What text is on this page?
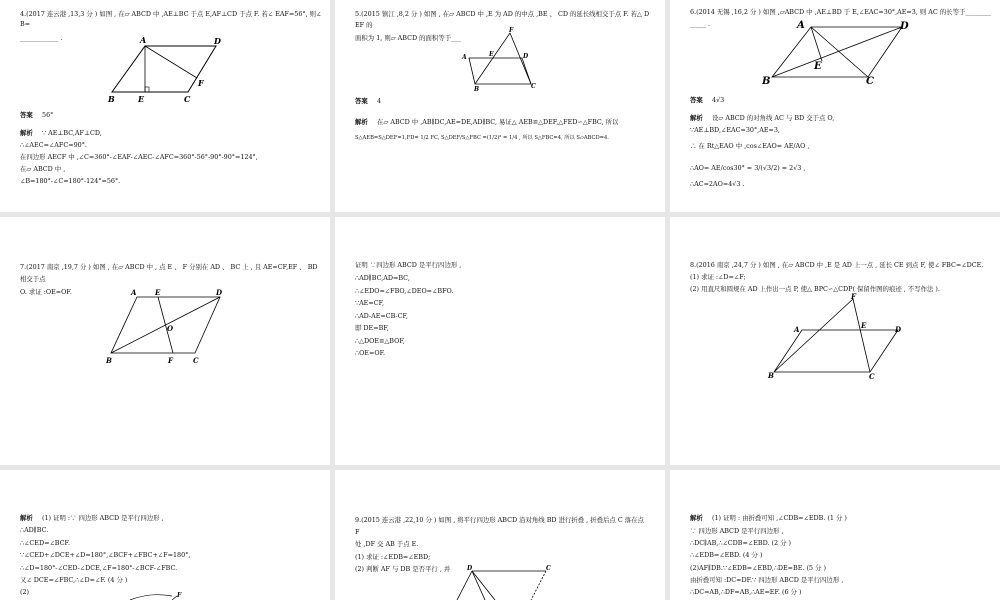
4.(2017 连云港 ,13,3 分 ) 如图 , 在▱ ABCD 中 ,AE⊥BC 于点 E,AF⊥CD 于点 F. 若∠ EAF=56°, 则∠
B=
____________ .	A	D
B	E	C
F
答案 56°
解析 ∵ AE⊥BC,AF⊥CD,
∴∠AEC=∠AFC=90°.
在四边形 AECF 中 ,∠C=360°-∠EAF-∠AEC-∠AFC=360°-56°-90°-90°=124°,
在▱ ABCD 中 ,
∠B=180°-∠C=180°-124°=56°.
5.(2015 镇江 ,8,2 分 ) 如图 , 在▱ ABCD 中 ,E 为 AD 的中点 ,BE 、 CD 的延长线相交于点 F. 若△ D
EF 的
面积为 1, 则▱ ABCD 的面积等于___
F
A	E	D
B	C
答案 4
解析 在▱ ABCD 中 ,AB∥DC,AE=DE,AD∥BC, 易证△ AEB≌△DEF,△FED∽△FBC, 所以
S△AEB=S△DEF=1,FD= 1/2 FC, S△DEF/S△FBC =(1/2)² = 1/4 , 所以 S△FBC=4, 所以 S▱ABCD=4.
6.(2014 无锡 ,16,2 分 ) 如图 ,▱ABCD 中 ,AE⊥BD 于 E,∠EAC=30°,AE=3, 则 AC 的长等于________
_____ .	A	D
E
B	C
答案 4√3
解析 设▱ ABCD 的对角线 AC 与 BD 交于点 O,
∵AE⊥BD,∠EAC=30°,AE=3,
∴ 在 Rt△EAO 中 ,cos∠EAO= AE/AO ,
∴AO= AE/cos30° = 3/(√3/2) = 2√3 ,
∴AC=2AO=4√3 .
7.(2017 南京 ,19,7 分 ) 如图 , 在▱ ABCD 中 , 点 E 、 F 分别在 AD 、 BC 上 , 且 AE=CF,EF 、 BD
相交于点
O. 求证 :OE=OF.	A	E	D
O
B	F	C
证明 ∵四边形 ABCD 是平行四边形 ,
∴AD∥BC,AD=BC,
∴∠EDO=∠FBO,∠DEO=∠BFO.
∵AE=CF,
∴AD-AE=CB-CF,
即 DE=BF,
∴△DOE≌△BOF,
∴OE=OF.
8.(2016 南京 ,24,7 分 ) 如图 , 在▱ ABCD 中 ,E 是 AD 上一点 , 延长 CE 到点 F, 使∠ FBC=∠DCE.
(1) 求证 :∠D=∠F;
(2) 用直尺和圆规在 AD 上作出一点 P, 使△ BPC∽△CDP( 保留作图的痕迹 , 不写作法 ).
F
A	E	D
B	C
解析 (1) 证明 :∵ 四边形 ABCD 是平行四边形 ,
∴AD∥BC.
∴∠CED=∠BCF.
∵∠CED+∠DCE+∠D=180°,∠BCF+∠FBC+∠F=180°,
∴∠D=180°-∠CED-∠DCE,∠F=180°-∠BCF-∠FBC.
又∠ DCE=∠FBC,∴∠D=∠F. (4 分 )
(2)	F
9.(2015 连云港 ,22,10 分 ) 如图 , 将平行四边形 ABCD 沿对角线 BD 进行折叠 , 折叠后点 C 落在点
F
处 ,DF 交 AB 于点 E.
(1) 求证 :∠EDB=∠EBD;
(2) 判断 AF 与 DB 是否平行 , 并	D	C
解析 (1) 证明 : 由折叠可知 ,∠CDB=∠EDB. (1 分 )
∵ 四边形 ABCD 是平行四边形 ,
∴DC∥AB,∴∠CDB=∠EBD. (2 分 )
∴∠EDB=∠EBD. (4 分 )
(2)AF∥DB.∵∠EDB=∠EBD,∴DE=BE. (5 分 )
由折叠可知 :DC=DF.∵ 四边形 ABCD 是平行四边形 ,
∴DC=AB,∴DF=AB,∴AE=EF. (6 分 )
